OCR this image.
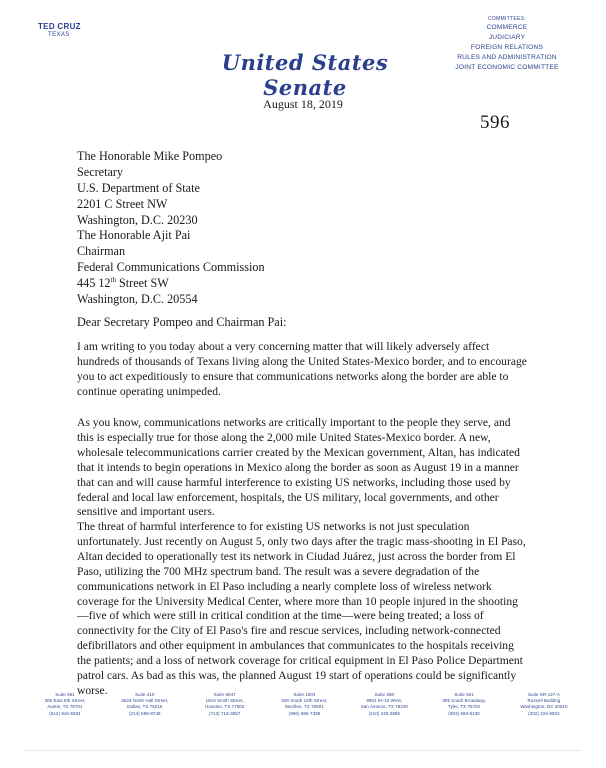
TED CRUZ
TEXAS
United States Senate
COMMITTEES:
COMMERCE
JUDICIARY
FOREIGN RELATIONS
RULES AND ADMINISTRATION
JOINT ECONOMIC COMMITTEE
August 18, 2019
596
The Honorable Mike Pompeo
Secretary
U.S. Department of State
2201 C Street NW
Washington, D.C. 20230
The Honorable Ajit Pai
Chairman
Federal Communications Commission
445 12th Street SW
Washington, D.C. 20554
Dear Secretary Pompeo and Chairman Pai:

I am writing to you today about a very concerning matter that will likely adversely affect hundreds of thousands of Texans living along the United States-Mexico border, and to encourage you to act expeditiously to ensure that communications networks along the border are able to continue operating unimpeded.

As you know, communications networks are critically important to the people they serve, and this is especially true for those along the 2,000 mile United States-Mexico border. A new, wholesale telecommunications carrier created by the Mexican government, Altan, has indicated that it intends to begin operations in Mexico along the border as soon as August 19 in a manner that can and will cause harmful interference to existing US networks, including those used by federal and local law enforcement, hospitals, the US military, local governments, and other sensitive and important users.

The threat of harmful interference to for existing US networks is not just speculation unfortunately. Just recently on August 5, only two days after the tragic mass-shooting in El Paso, Altan decided to operationally test its network in Ciudad Juárez, just across the border from El Paso, utilizing the 700 MHz spectrum band. The result was a severe degradation of the communications network in El Paso including a nearly complete loss of wireless network coverage for the University Medical Center, where more than 10 people injured in the shooting—five of which were still in critical condition at the time—were being treated; a loss of connectivity for the City of El Paso's fire and rescue services, including network-connected defibrillators and other equipment in ambulances that communicates to the hospitals receiving the patients; and a loss of network coverage for critical equipment in El Paso Police Department patrol cars. As bad as this was, the planned August 19 start of operations could be significantly worse.

Suite 961
300 East 8th Street,
Austin, TX 78701
(512) 916-5834
Suite 410
3626 North Hall Street,
Dallas, TX 75219
(214) 599-8749
Suite 9047
1919 Smith Street,
Houston, TX 77002
(713) 718-3057
Suite 1603
200 South 10th Street,
McAllen, TX 78501
(956) 686-7339
Suite 350
9901 IH-10 West,
San Antonio, TX 78230
(210) 340-2885
Suite 501
305 South Broadway,
Tyler, TX 75702
(903) 593-5130
Suite SR-127-A
Russell Building
Washington, DC 20510
(202) 224-5922
